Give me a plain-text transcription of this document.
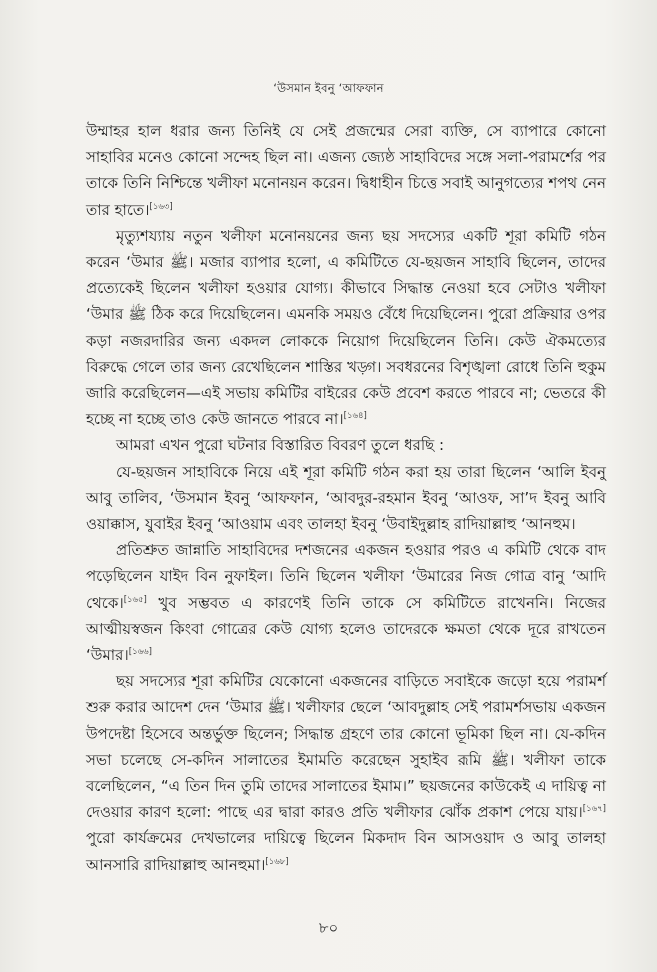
‘উসমান ইবনু ‘আফফান

উম্মাহর হাল ধরার জন্য তিনিই যে সেই প্রজন্মের সেরা ব্যক্তি, সে ব্যাপারে কোনো সাহাবির মনেও কোনো সন্দেহ ছিল না। এজন্য জ্যেষ্ঠ সাহাবিদের সঙ্গে সলা-পরামর্শের পর তাকে তিনি নিশ্চিন্তে খলীফা মনোনয়ন করেন। দ্বিধাহীন চিত্তে সবাই আনুগত্যের শপথ নেন তার হাতে।[১৬৩]

মৃত্যুশয্যায় নতুন খলীফা মনোনয়নের জন্য ছয় সদস্যের একটি শূরা কমিটি গঠন করেন ‘উমার ﷺ। মজার ব্যাপার হলো, এ কমিটিতে যে-ছয়জন সাহাবি ছিলেন, তাদের প্রত্যেকেই ছিলেন খলীফা হওয়ার যোগ্য। কীভাবে সিদ্ধান্ত নেওয়া হবে সেটাও খলীফা ‘উমার ﷺ ঠিক করে দিয়েছিলেন। এমনকি সময়ও বেঁধে দিয়েছিলেন। পুরো প্রক্রিয়ার ওপর কড়া নজরদারির জন্য একদল লোককে নিয়োগ দিয়েছিলেন তিনি। কেউ ঐকমত্যের বিরুদ্ধে গেলে তার জন্য রেখেছিলেন শাস্তির খড়্গ। সবধরনের বিশৃঙ্খলা রোধে তিনি হুকুম জারি করেছিলেন—এই সভায় কমিটির বাইরের কেউ প্রবেশ করতে পারবে না; ভেতরে কী হচ্ছে না হচ্ছে তাও কেউ জানতে পারবে না।[১৬৪]

আমরা এখন পুরো ঘটনার বিস্তারিত বিবরণ তুলে ধরছি :

যে-ছয়জন সাহাবিকে নিয়ে এই শূরা কমিটি গঠন করা হয় তারা ছিলেন ‘আলি ইবনু আবু তালিব, ‘উসমান ইবনু ‘আফফান, ‘আবদুর-রহমান ইবনু ‘আওফ, সা’দ ইবনু আবি ওয়াক্কাস, যুবাইর ইবনু ‘আওয়াম এবং তালহা ইবনু ‘উবাইদুল্লাহ রাদিয়াল্লাহু ‘আনহুম।

প্রতিশ্রুত জান্নাতি সাহাবিদের দশজনের একজন হওয়ার পরও এ কমিটি থেকে বাদ পড়েছিলেন যাইদ বিন নুফাইল। তিনি ছিলেন খলীফা ‘উমারের নিজ গোত্র বানু ‘আদি থেকে।[১৬৫] খুব সম্ভবত এ কারণেই তিনি তাকে সে কমিটিতে রাখেননি। নিজের আত্মীয়স্বজন কিংবা গোত্রের কেউ যোগ্য হলেও তাদেরকে ক্ষমতা থেকে দূরে রাখতেন ‘উমার।[১৬৬]

ছয় সদস্যের শূরা কমিটির যেকোনো একজনের বাড়িতে সবাইকে জড়ো হয়ে পরামর্শ শুরু করার আদেশ দেন ‘উমার ﷺ। খলীফার ছেলে ‘আবদুল্লাহ সেই পরামর্শসভায় একজন উপদেষ্টা হিসেবে অন্তর্ভুক্ত ছিলেন; সিদ্ধান্ত গ্রহণে তার কোনো ভূমিকা ছিল না। যে-কদিন সভা চলেছে সে-কদিন সালাতের ইমামতি করেছেন সুহাইব রূমি ﷺ। খলীফা তাকে বলেছিলেন, “এ তিন দিন তুমি তাদের সালাতের ইমাম।” ছয়জনের কাউকেই এ দায়িত্ব না দেওয়ার কারণ হলো: পাছে এর দ্বারা কারও প্রতি খলীফার ঝোঁক প্রকাশ পেয়ে যায়।[১৬৭] পুরো কার্যক্রমের দেখভালের দায়িত্বে ছিলেন মিকদাদ বিন আসওয়াদ ও আবু তালহা আনসারি রাদিয়াল্লাহু আনহুমা।[১৬৮]

৮০
